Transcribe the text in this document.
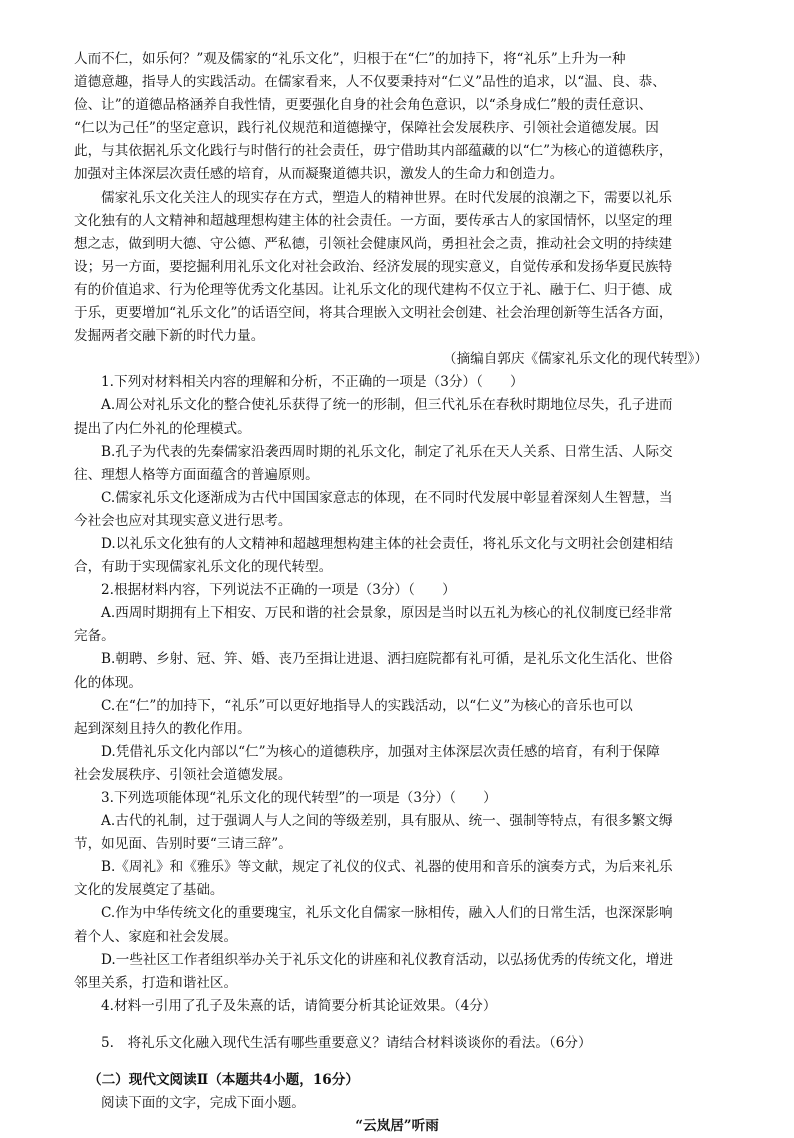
人而不仁，如乐何？”观及儒家的“礼乐文化”，归根于在“仁”的加持下，将“礼乐”上升为一种
道德意趣，指导人的实践活动。在儒家看来，人不仅要秉持对“仁义”品性的追求，以“温、良、恭、
俭、让”的道德品格涵养自我性情，更要强化自身的社会角色意识，以“杀身成仁”般的责任意识、
“仁以为己任”的坚定意识，践行礼仪规范和道德操守，保障社会发展秩序、引领社会道德发展。因
此，与其依据礼乐文化践行与时偕行的社会责任，毋宁借助其内部蕴藏的以“仁”为核心的道德秩序，
加强对主体深层次责任感的培育，从而凝聚道德共识，激发人的生命力和创造力。
儒家礼乐文化关注人的现实存在方式，塑造人的精神世界。在时代发展的浪潮之下，需要以礼乐
文化独有的人文精神和超越理想构建主体的社会责任。一方面，要传承古人的家国情怀，以坚定的理
想之志，做到明大德、守公德、严私德，引领社会健康风尚，勇担社会之责，推动社会文明的持续建
设；另一方面，要挖掘利用礼乐文化对社会政治、经济发展的现实意义，自觉传承和发扬华夏民族特
有的价值追求、行为伦理等优秀文化基因。让礼乐文化的现代建构不仅立于礼、融于仁、归于德、成
于乐，更要增加“礼乐文化”的话语空间，将其合理嵌入文明社会创建、社会治理创新等生活各方面，
发掘两者交融下新的时代力量。
（摘编自郭庆《儒家礼乐文化的现代转型》）
1.下列对材料相关内容的理解和分析，不正确的一项是（3分）（　　）
A.周公对礼乐文化的整合使礼乐获得了统一的形制，但三代礼乐在春秋时期地位尽失，孔子进而
提出了内仁外礼的伦理模式。
B.孔子为代表的先秦儒家沿袭西周时期的礼乐文化，制定了礼乐在天人关系、日常生活、人际交
往、理想人格等方面面蕴含的普遍原则。
C.儒家礼乐文化逐渐成为古代中国国家意志的体现，在不同时代发展中彰显着深刻人生智慧，当
今社会也应对其现实意义进行思考。
D.以礼乐文化独有的人文精神和超越理想构建主体的社会责任，将礼乐文化与文明社会创建相结
合，有助于实现儒家礼乐文化的现代转型。
2.根据材料内容，下列说法不正确的一项是（3分）（　　）
A.西周时期拥有上下相安、万民和谐的社会景象，原因是当时以五礼为核心的礼仪制度已经非常
完备。
B.朝聘、乡射、冠、笄、婚、丧乃至揖让进退、洒扫庭院都有礼可循，是礼乐文化生活化、世俗
化的体现。
C.在“仁”的加持下，“礼乐”可以更好地指导人的实践活动，以“仁义”为核心的音乐也可以
起到深刻且持久的教化作用。
D.凭借礼乐文化内部以“仁”为核心的道德秩序，加强对主体深层次责任感的培育，有利于保障
社会发展秩序、引领社会道德发展。
3.下列选项能体现“礼乐文化的现代转型”的一项是（3分）（　　）
A.古代的礼制，过于强调人与人之间的等级差别，具有服从、统一、强制等特点，有很多繁文缛
节，如见面、告别时要“三请三辞”。
B.《周礼》和《雅乐》等文献，规定了礼仪的仪式、礼器的使用和音乐的演奏方式，为后来礼乐
文化的发展奠定了基础。
C.作为中华传统文化的重要瑰宝，礼乐文化自儒家一脉相传，融入人们的日常生活，也深深影响
着个人、家庭和社会发展。
D.一些社区工作者组织举办关于礼乐文化的讲座和礼仪教育活动，以弘扬优秀的传统文化，增进
邻里关系，打造和谐社区。
4.材料一引用了孔子及朱熹的话，请简要分析其论证效果。（4分）
5.　将礼乐文化融入现代生活有哪些重要意义？请结合材料谈谈你的看法。（6分）
（二）现代文阅读Ⅱ（本题共4小题，16分）
阅读下面的文字，完成下面小题。
“云岚居”听雨
